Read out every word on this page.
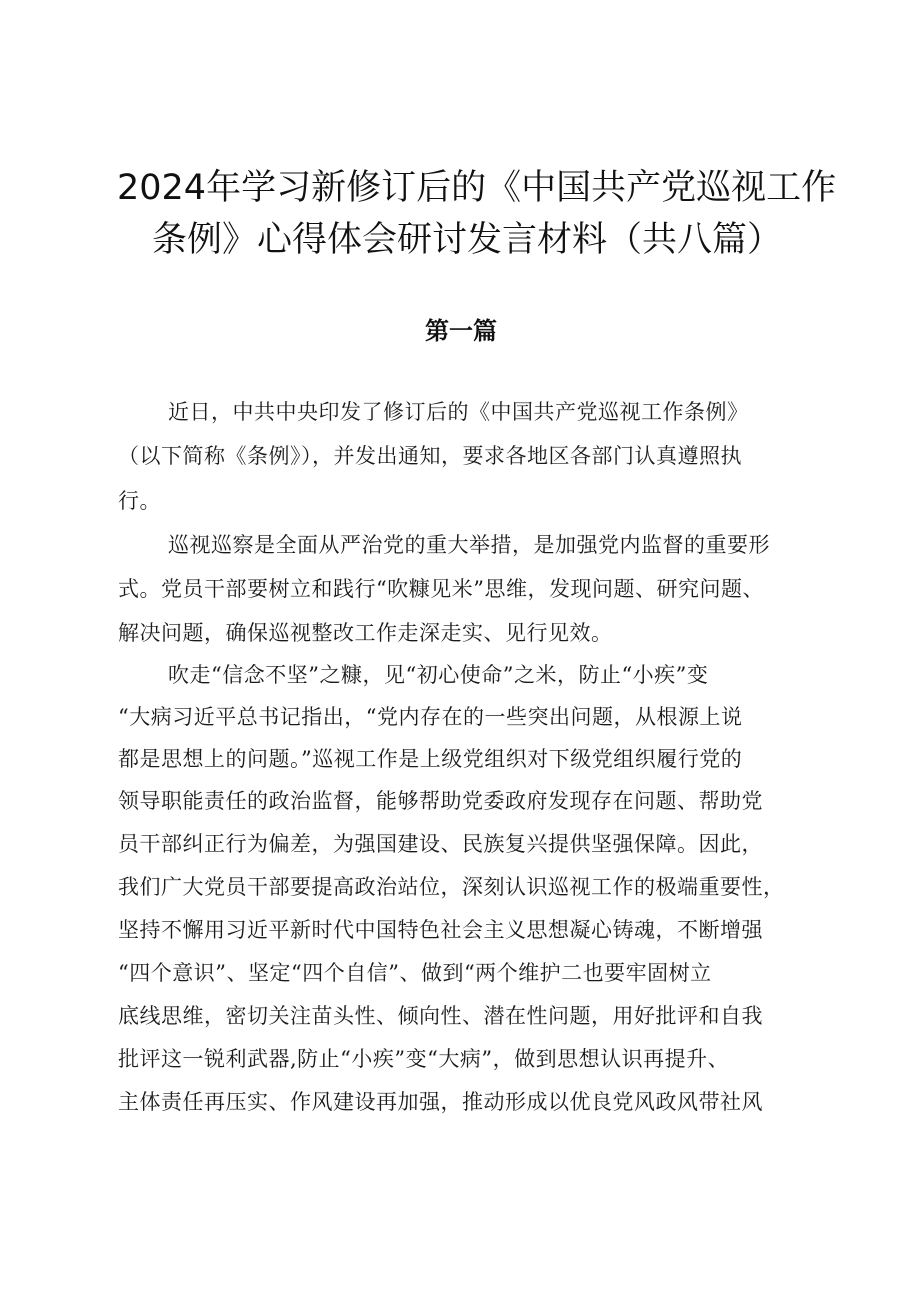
2024年学习新修订后的《中国共产党巡视工作
条例》心得体会研讨发言材料（共八篇）
第一篇
近日，中共中央印发了修订后的《中国共产党巡视工作条例》
（以下简称《条例》），并发出通知，要求各地区各部门认真遵照执
行。
巡视巡察是全面从严治党的重大举措，是加强党内监督的重要形
式。党员干部要树立和践行“吹糠见米”思维，发现问题、研究问题、
解决问题，确保巡视整改工作走深走实、见行见效。
吹走“信念不坚”之糠，见“初心使命”之米，防止“小疾”变
“大病习近平总书记指出，“党内存在的一些突出问题，从根源上说
都是思想上的问题。”巡视工作是上级党组织对下级党组织履行党的
领导职能责任的政治监督，能够帮助党委政府发现存在问题、帮助党
员干部纠正行为偏差，为强国建设、民族复兴提供坚强保障。因此，
我们广大党员干部要提高政治站位，深刻认识巡视工作的极端重要性，
坚持不懈用习近平新时代中国特色社会主义思想凝心铸魂，不断增强
“四个意识”、坚定“四个自信”、做到“两个维护二也要牢固树立
底线思维，密切关注苗头性、倾向性、潜在性问题，用好批评和自我
批评这一锐利武器,防止“小疾”变“大病”，做到思想认识再提升、
主体责任再压实、作风建设再加强，推动形成以优良党风政风带社风
